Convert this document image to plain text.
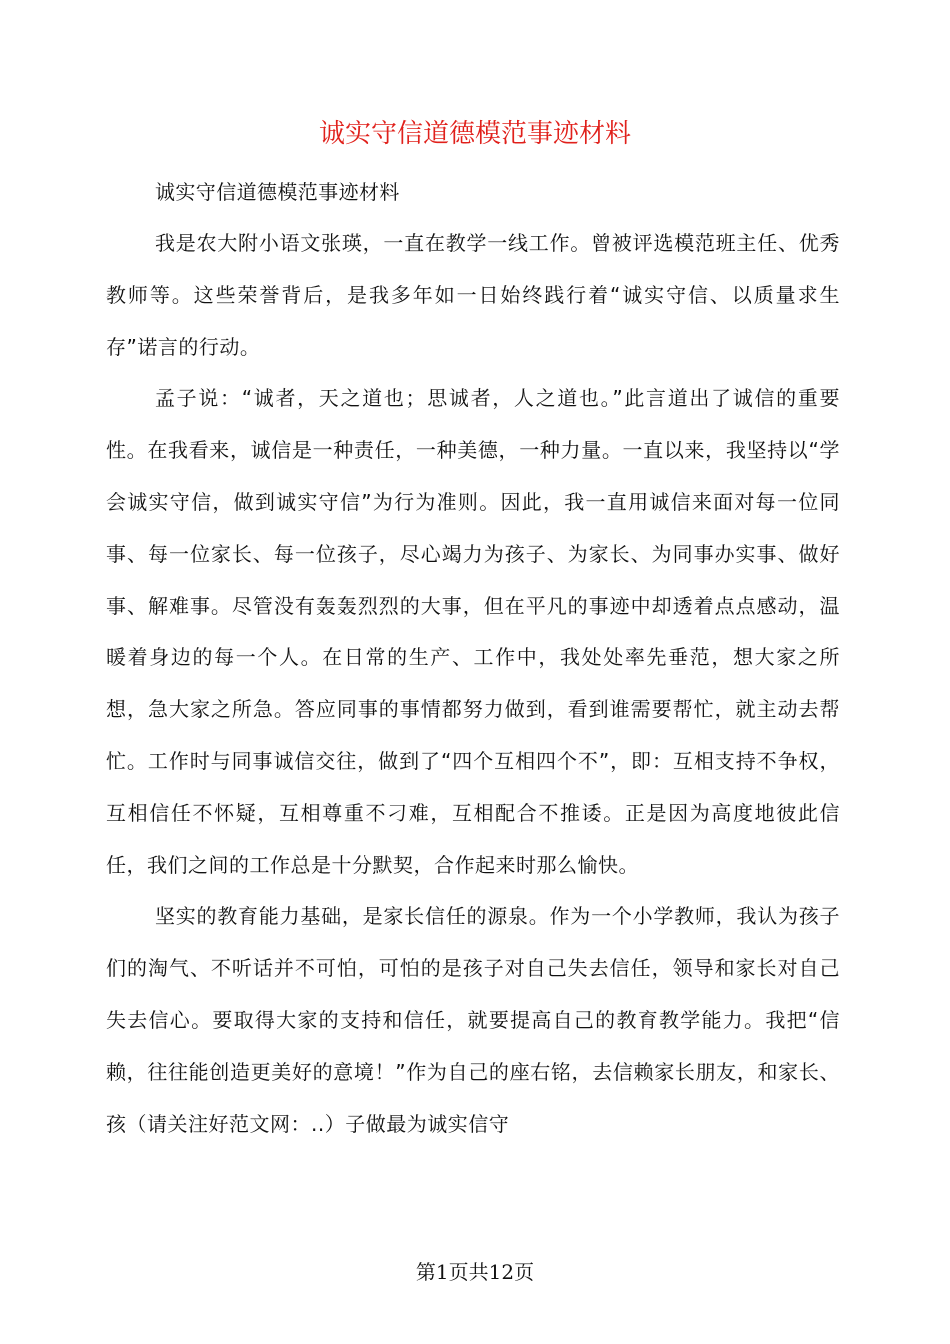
诚实守信道德模范事迹材料

诚实守信道德模范事迹材料

我是农大附小语文张瑛，一直在教学一线工作。曾被评选模范班主任、优秀教师等。这些荣誉背后，是我多年如一日始终践行着“诚实守信、以质量求生存”诺言的行动。

孟子说：“诚者，天之道也；思诚者，人之道也。”此言道出了诚信的重要性。在我看来，诚信是一种责任，一种美德，一种力量。一直以来，我坚持以“学会诚实守信，做到诚实守信”为行为准则。因此，我一直用诚信来面对每一位同事、每一位家长、每一位孩子，尽心竭力为孩子、为家长、为同事办实事、做好事、解难事。尽管没有轰轰烈烈的大事，但在平凡的事迹中却透着点点感动，温暖着身边的每一个人。在日常的生产、工作中，我处处率先垂范，想大家之所想，急大家之所急。答应同事的事情都努力做到，看到谁需要帮忙，就主动去帮忙。工作时与同事诚信交往，做到了“四个互相四个不”，即：互相支持不争权，互相信任不怀疑，互相尊重不刁难，互相配合不推诿。正是因为高度地彼此信任，我们之间的工作总是十分默契，合作起来时那么愉快。

坚实的教育能力基础，是家长信任的源泉。作为一个小学教师，我认为孩子们的淘气、不听话并不可怕，可怕的是孩子对自己失去信任，领导和家长对自己失去信心。要取得大家的支持和信任，就要提高自己的教育教学能力。我把“信赖，往往能创造更美好的意境！”作为自己的座右铭，去信赖家长朋友，和家长、孩（请关注好范文网：..）子做最为诚实信守

第1页共12页
